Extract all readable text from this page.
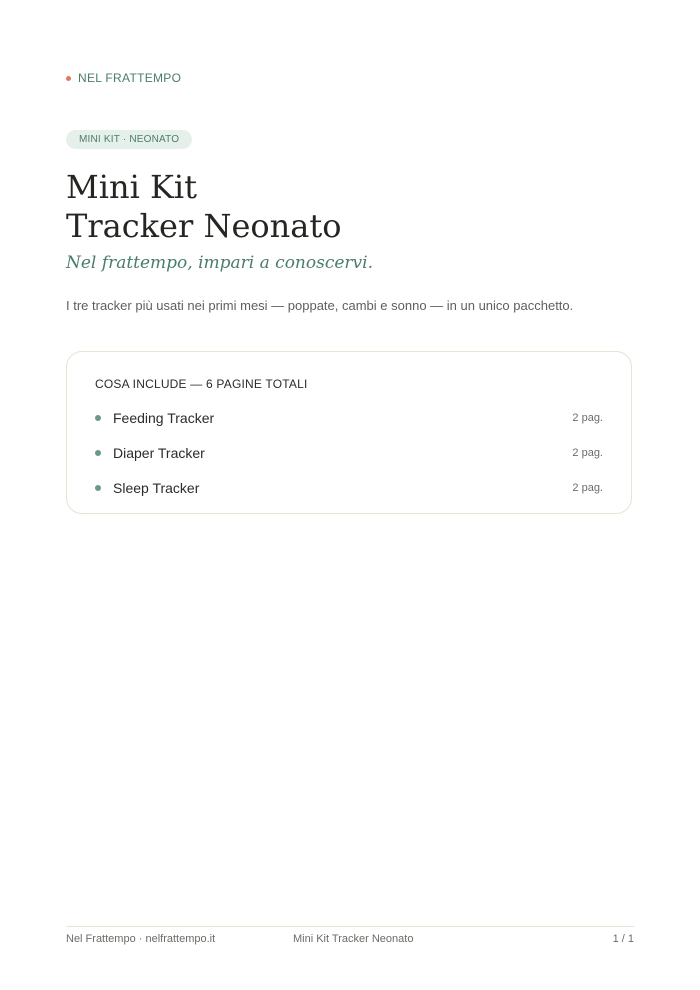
NEL FRATTEMPO
MINI KIT · NEONATO
Mini Kit
Tracker Neonato

Nel frattempo, impari a conoscervi.

I tre tracker più usati nei primi mesi — poppate, cambi e sonno — in un unico pacchetto.

COSA INCLUDE — 6 PAGINE TOTALI
Feeding Tracker	2 pag.
Diaper Tracker	2 pag.
Sleep Tracker	2 pag.
Nel Frattempo · nelfrattempo.it	Mini Kit Tracker Neonato	1 / 1
